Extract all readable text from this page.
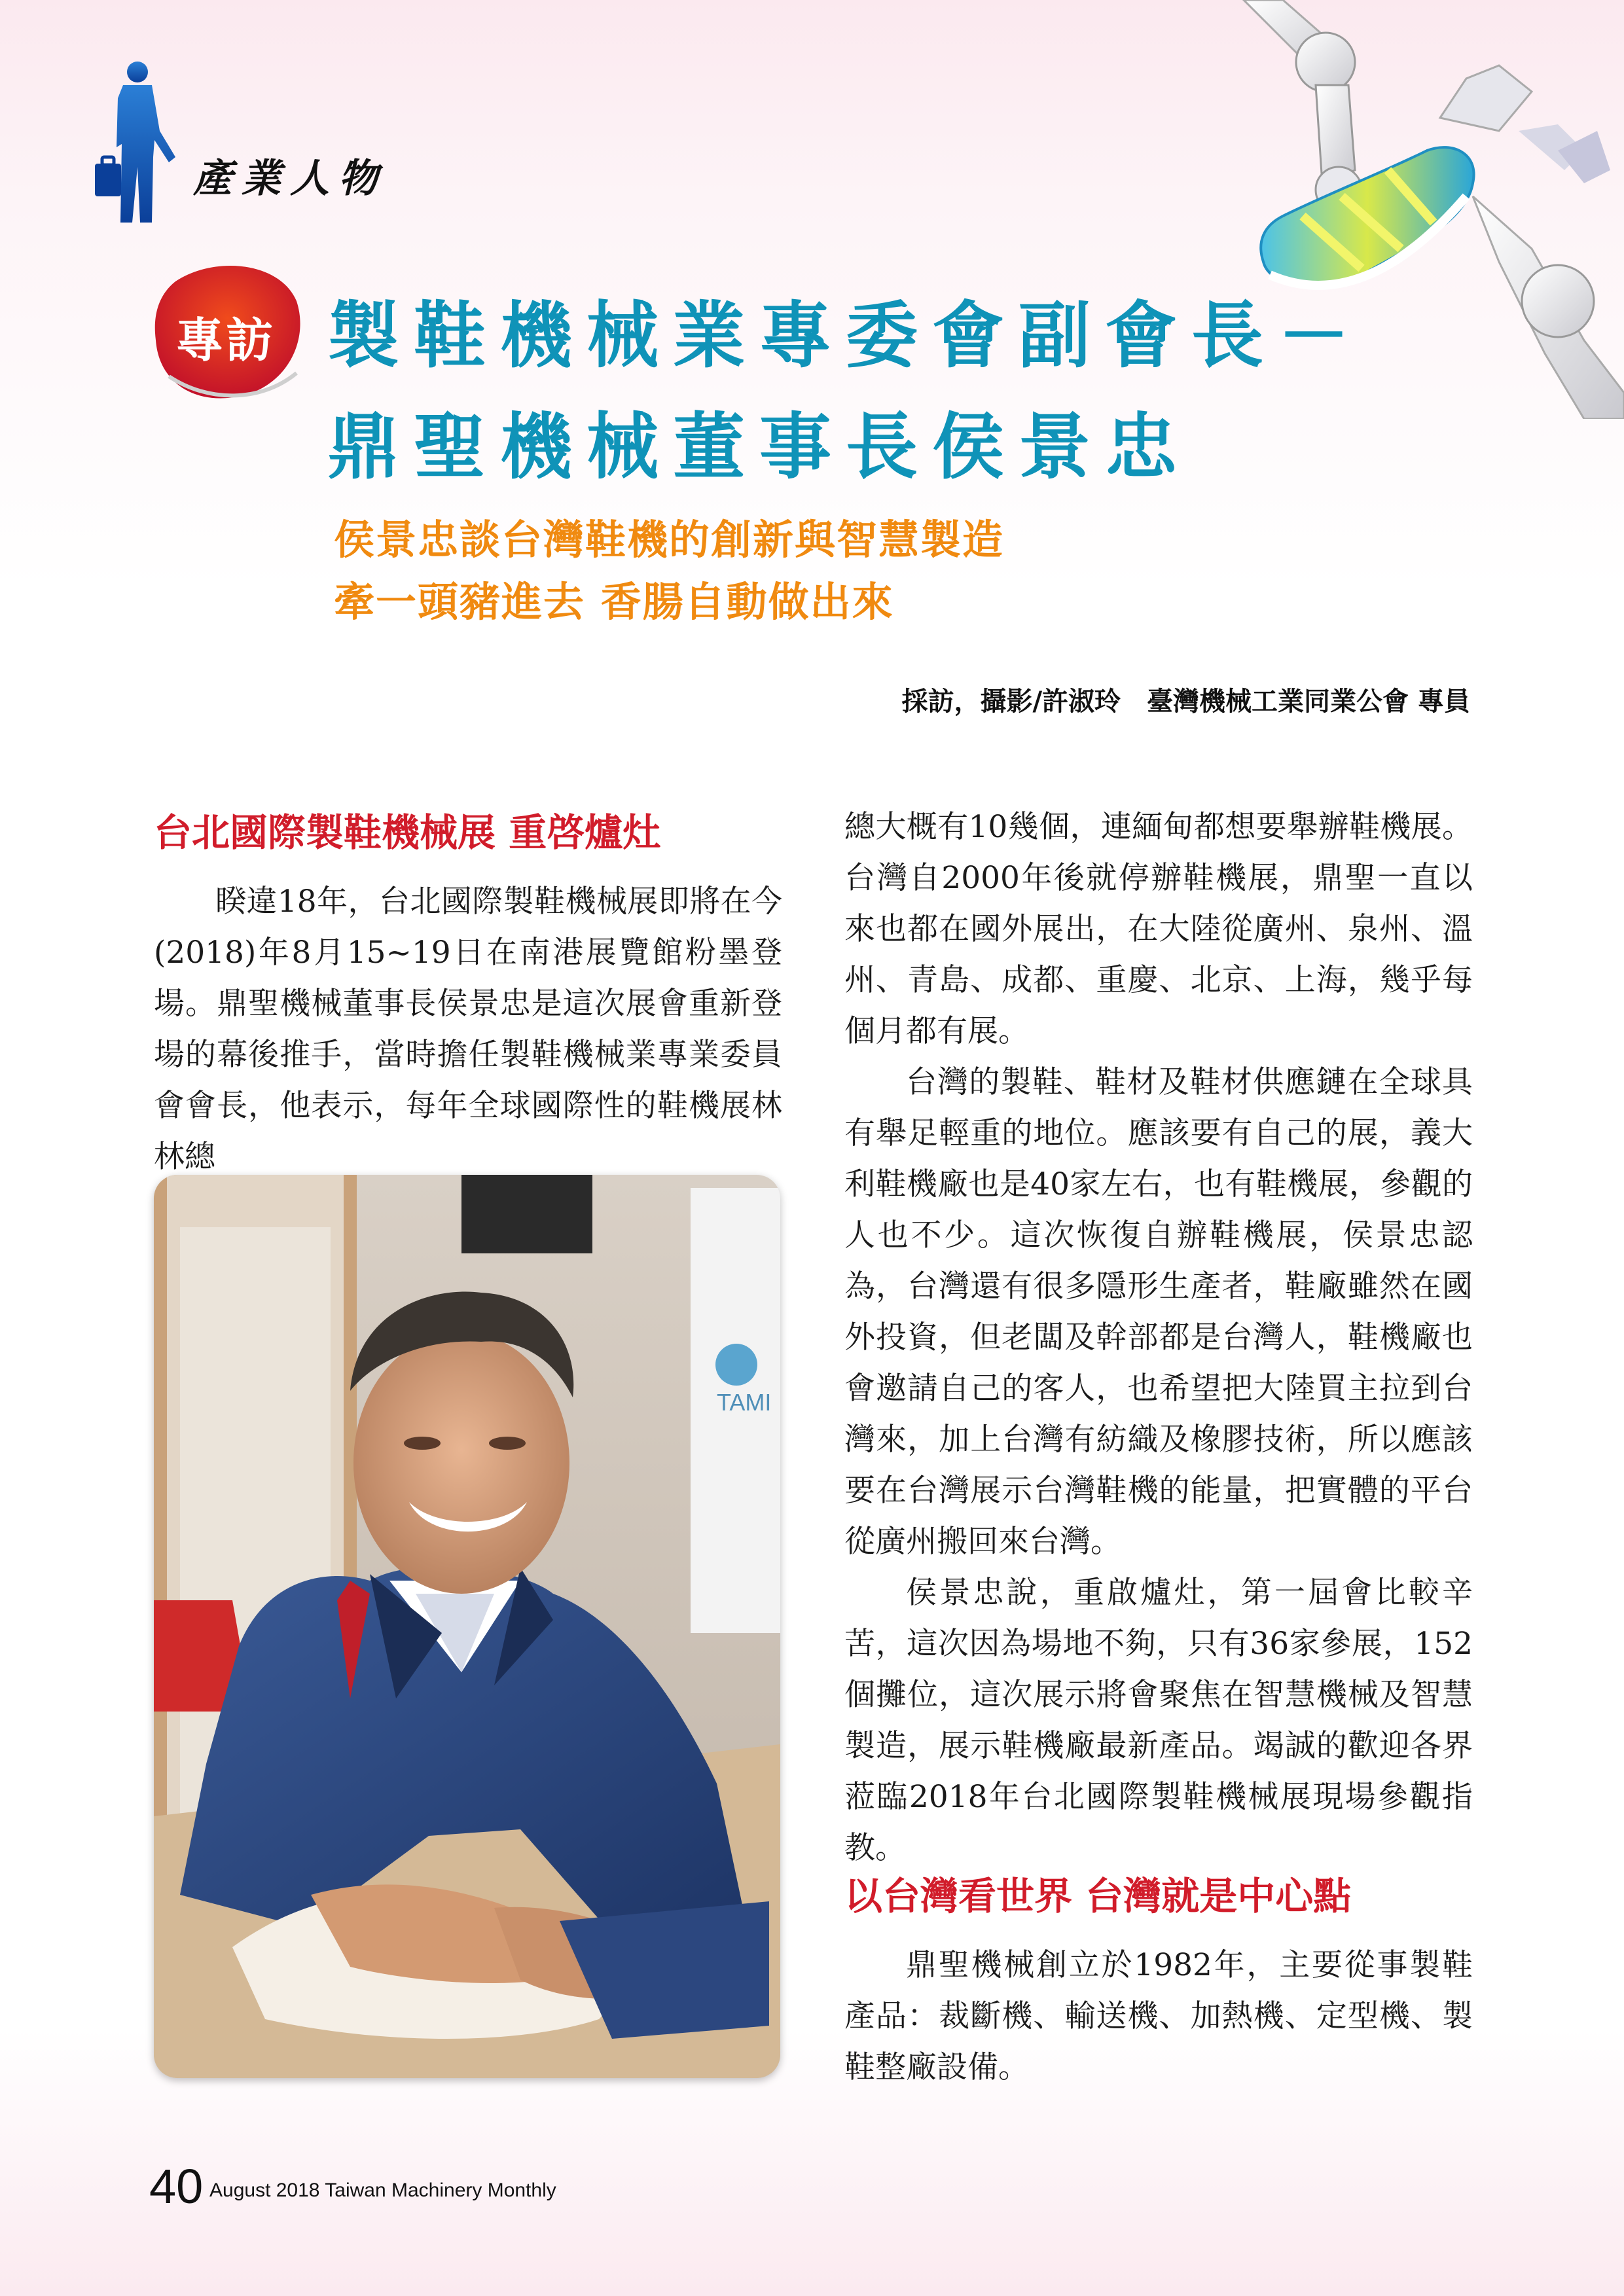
產業人物
專訪 製鞋機械業專委會副會長－
鼎聖機械董事長侯景忠
侯景忠談台灣鞋機的創新與智慧製造
牽一頭豬進去 香腸自動做出來
採訪，攝影/許淑玲　臺灣機械工業同業公會 專員
台北國際製鞋機械展 重啓爐灶

睽違18年，台北國際製鞋機械展即將在今(2018)年8月15~19日在南港展覽館粉墨登場。鼎聖機械董事長侯景忠是這次展會重新登場的幕後推手，當時擔任製鞋機械業專業委員會會長，他表示，每年全球國際性的鞋機展林林總

TAMI

總大概有10幾個，連緬甸都想要舉辦鞋機展。台灣自2000年後就停辦鞋機展，鼎聖一直以來也都在國外展出，在大陸從廣州、泉州、溫州、青島、成都、重慶、北京、上海，幾乎每個月都有展。

台灣的製鞋、鞋材及鞋材供應鏈在全球具有舉足輕重的地位。應該要有自己的展，義大利鞋機廠也是40家左右，也有鞋機展，參觀的人也不少。這次恢復自辦鞋機展，侯景忠認為，台灣還有很多隱形生產者，鞋廠雖然在國外投資，但老闆及幹部都是台灣人，鞋機廠也會邀請自己的客人，也希望把大陸買主拉到台灣來，加上台灣有紡織及橡膠技術，所以應該要在台灣展示台灣鞋機的能量，把實體的平台從廣州搬回來台灣。

侯景忠說，重啟爐灶，第一屆會比較辛苦，這次因為場地不夠，只有36家參展，152個攤位，這次展示將會聚焦在智慧機械及智慧製造，展示鞋機廠最新產品。竭誠的歡迎各界蒞臨2018年台北國際製鞋機械展現場參觀指教。

以台灣看世界 台灣就是中心點

鼎聖機械創立於1982年，主要從事製鞋產品：裁斷機、輸送機、加熱機、定型機、製鞋整廠設備。

40 August 2018 Taiwan Machinery Monthly
